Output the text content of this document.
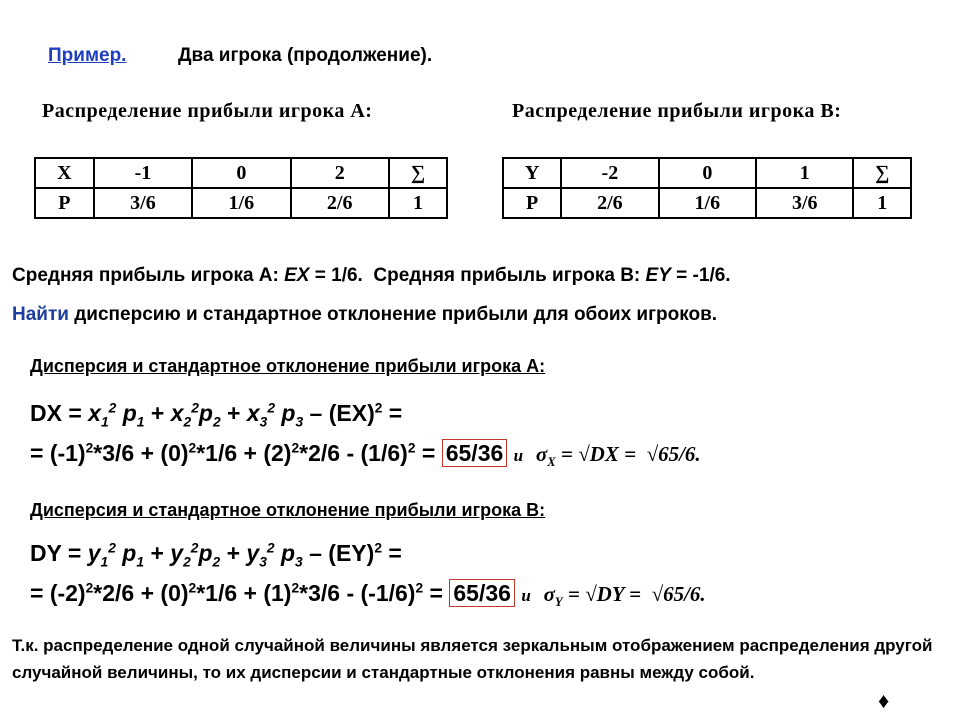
Пример.	Два игрока (продолжение).
Распределение прибыли игрока А:	Распределение прибыли игрока В:
X	-1	0	2	∑
P	3/6	1/6	2/6	1
Y	-2	0	1	∑
P	2/6	1/6	3/6	1
Средняя прибыль игрока А: EX = 1/6. Средняя прибыль игрока В: EY = -1/6.
Найти дисперсию и стандартное отклонение прибыли для обоих игроков.
Дисперсия и стандартное отклонение прибыли игрока А:
DX = $x_1^2$ $p_1 + x_2^2p_2 + x_3^2$ $p_3 - (EX)^2$ =
= $(-1)^2*3/6 + (0)^2*1/6 + (2)^2*2/6 - (1/6)^2 = 65/36$ и $\sigma_X = √DX = √65/6$.
Дисперсия и стандартное отклонение прибыли игрока В:
DY = $y_1^2$ $p_1 + y_2^2p_2 + y_3^2$ $p_3 - (EY)^2$ =
= $(-2)^2*2/6 + (0)^2*1/6 + (1)^2*3/6 - (-1/6)^2 = 65/36$ и $\sigma_Y = √DY = √65/6$.
Т.к. распределение одной случайной величины является зеркальным отображением распределения другой случайной величины, то их дисперсии и стандартные отклонения равны между собой.
♦
